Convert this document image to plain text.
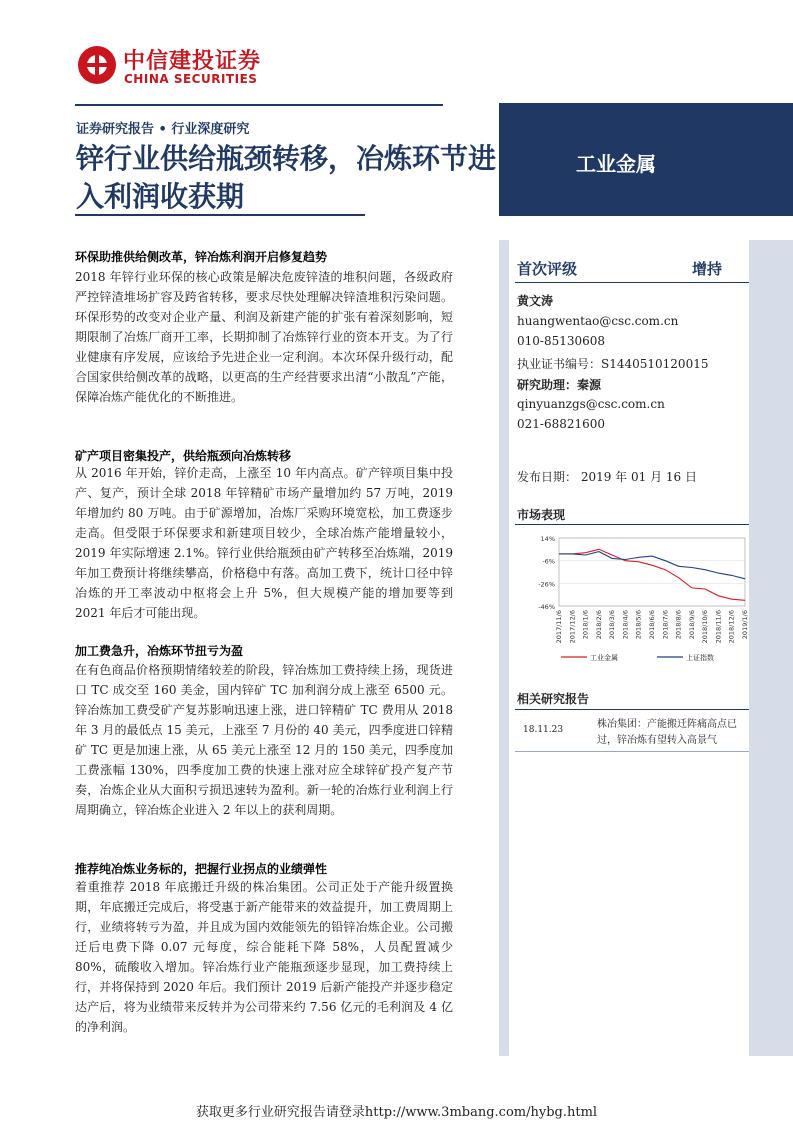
中信建投证券
CHINA SECURITIES
证券研究报告 • 行业深度研究
锌行业供给瓶颈转移，冶炼环节进入利润收获期
工业金属
首次评级	增持
黄文涛
huangwentao@csc.com.cn
010-85130608
执业证书编号：S1440510120015
研究助理：秦源
qinyuanzgs@csc.com.cn
021-68821600
发布日期： 2019 年 01 月 16 日
市场表现
14%
-6%
-26%
-46%
2017/11/6 2017/12/6 2018/1/6 2018/2/6 2018/3/6 2018/4/6 2018/5/6 2018/6/6 2018/7/6 2018/8/6 2018/9/6 2018/10/6 2018/11/6 2018/12/6 2019/1/6
工业金属	上证指数
相关研究报告
18.11.23	株冶集团：产能搬迁阵痛高点已过，锌冶炼有望转入高景气
环保助推供给侧改革，锌冶炼利润开启修复趋势
2018 年锌行业环保的核心政策是解决危废锌渣的堆积问题，各级政府严控锌渣堆场扩容及跨省转移，要求尽快处理解决锌渣堆积污染问题。环保形势的改变对企业产量、利润及新建产能的扩张有着深刻影响，短期限制了冶炼厂商开工率，长期抑制了冶炼锌行业的资本开支。为了行业健康有序发展，应该给予先进企业一定利润。本次环保升级行动，配合国家供给侧改革的战略，以更高的生产经营要求出清“小散乱”产能，保障冶炼产能优化的不断推进。
矿产项目密集投产，供给瓶颈向冶炼转移
从 2016 年开始，锌价走高，上涨至 10 年内高点。矿产锌项目集中投产、复产，预计全球 2018 年锌精矿市场产量增加约 57 万吨，2019 年增加约 80 万吨。由于矿源增加，冶炼厂采购环境宽松，加工费逐步走高。但受限于环保要求和新建项目较少，全球冶炼产能增量较小，2019 年实际增速 2.1%。锌行业供给瓶颈由矿产转移至冶炼端，2019 年加工费预计将继续攀高，价格稳中有落。高加工费下，统计口径中锌冶炼的开工率波动中枢将会上升 5%，但大规模产能的增加要等到 2021 年后才可能出现。
加工费急升，冶炼环节扭亏为盈
在有色商品价格预期情绪较差的阶段，锌冶炼加工费持续上扬，现货进口 TC 成交至 160 美金，国内锌矿 TC 加利润分成上涨至 6500 元。锌冶炼加工费受矿产复苏影响迅速上涨，进口锌精矿 TC 费用从 2018 年 3 月的最低点 15 美元，上涨至 7 月份的 40 美元，四季度进口锌精矿 TC 更是加速上涨，从 65 美元上涨至 12 月的 150 美元，四季度加工费涨幅 130%，四季度加工费的快速上涨对应全球锌矿投产复产节奏，冶炼企业从大面积亏损迅速转为盈利。新一轮的冶炼行业利润上行周期确立，锌冶炼企业进入 2 年以上的获利周期。
推荐纯冶炼业务标的，把握行业拐点的业绩弹性
着重推荐 2018 年底搬迁升级的株冶集团。公司正处于产能升级置换期，年底搬迁完成后，将受惠于新产能带来的效益提升，加工费周期上行，业绩将转亏为盈，并且成为国内效能领先的铅锌冶炼企业。公司搬迁后电费下降 0.07 元每度，综合能耗下降 58%，人员配置减少 80%，硫酸收入增加。锌冶炼行业产能瓶颈逐步显现，加工费持续上行，并将保持到 2020 年后。我们预计 2019 后新产能投产并逐步稳定达产后，将为业绩带来反转并为公司带来约 7.56 亿元的毛利润及 4 亿的净利润。
获取更多行业研究报告请登录http://www.3mbang.com/hybg.html
